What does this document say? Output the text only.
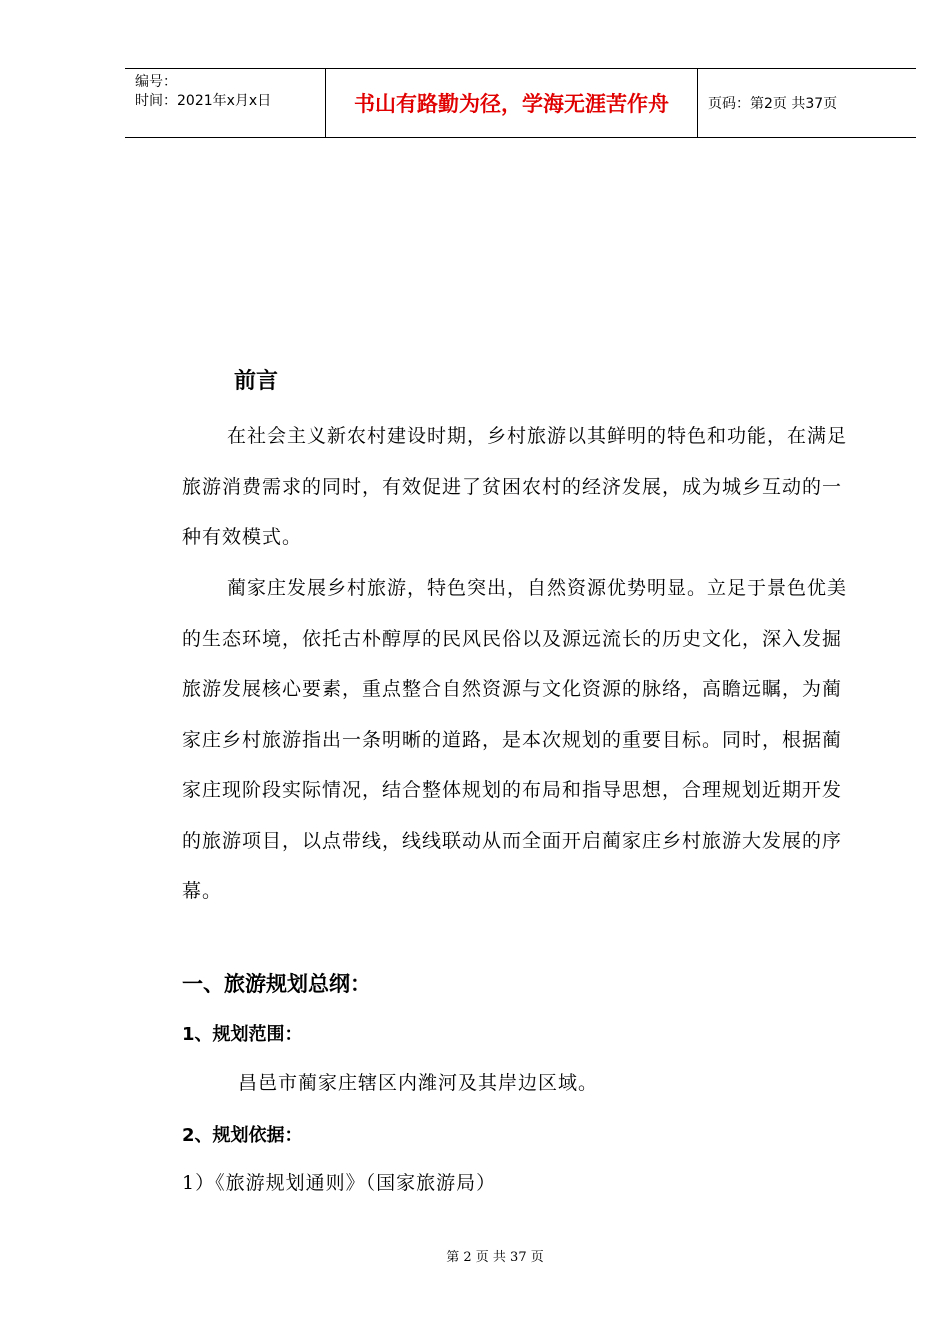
编号：
时间：2021年x月x日	书山有路勤为径，学海无涯苦作舟	页码：第2页 共37页
前言

在社会主义新农村建设时期，乡村旅游以其鲜明的特色和功能，在满足旅游消费需求的同时，有效促进了贫困农村的经济发展，成为城乡互动的一种有效模式。

蔺家庄发展乡村旅游，特色突出，自然资源优势明显。立足于景色优美的生态环境，依托古朴醇厚的民风民俗以及源远流长的历史文化，深入发掘旅游发展核心要素，重点整合自然资源与文化资源的脉络，高瞻远瞩，为蔺家庄乡村旅游指出一条明晰的道路，是本次规划的重要目标。同时，根据蔺家庄现阶段实际情况，结合整体规划的布局和指导思想，合理规划近期开发的旅游项目，以点带线，线线联动从而全面开启蔺家庄乡村旅游大发展的序幕。

一、旅游规划总纲：
1、规划范围：

昌邑市蔺家庄辖区内潍河及其岸边区域。

2、规划依据：

1）《旅游规划通则》（国家旅游局）

第 2 页 共 37 页
